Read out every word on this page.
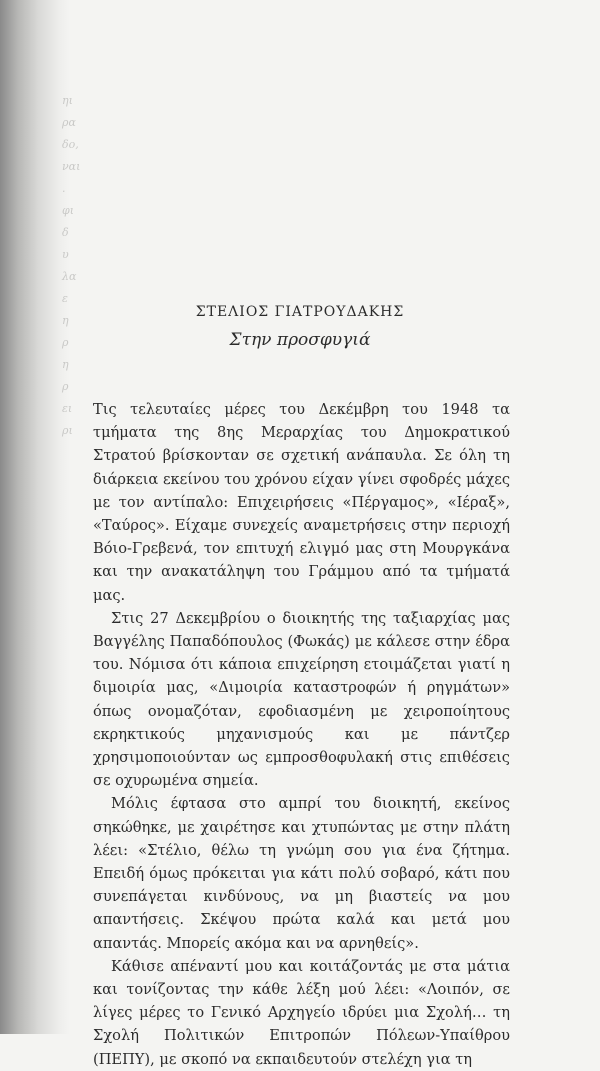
ηι
ρα
δο,
ναι
.
φι
δ
υ
λα
ε
η
ρ
η
ρ
ει
ρι
ΣΤΕΛΙΟΣ ΓΙΑΤΡΟΥΔΑΚΗΣ
Στην προσφυγιά

Τις τελευταίες μέρες του Δεκέμβρη του 1948 τα τμήματα της 8ης Μεραρχίας του Δημοκρατικού Στρατού βρίσκονταν σε σχετική ανάπαυλα. Σε όλη τη διάρκεια εκείνου του χρόνου είχαν γίνει σφοδρές μάχες με τον αντίπαλο: Επιχειρήσεις «Πέργαμος», «Ιέραξ», «Ταύρος». Είχαμε συνεχείς αναμετρήσεις στην περιοχή Βόιο-Γρεβενά, τον επιτυχή ελιγμό μας στη Μουργκάνα και την ανακατάληψη του Γράμμου από τα τμήματά μας.

Στις 27 Δεκεμβρίου ο διοικητής της ταξιαρχίας μας Βαγγέλης Παπαδόπουλος (Φωκάς) με κάλεσε στην έδρα του. Νόμισα ότι κάποια επιχείρηση ετοιμάζεται γιατί η διμοιρία μας, «Διμοιρία καταστροφών ή ρηγμάτων» όπως ονομαζόταν, εφοδιασμένη με χειροποίητους εκρηκτικούς μηχανισμούς και με πάντζερ χρησιμοποιούνταν ως εμπροσθοφυλακή στις επιθέσεις σε οχυρωμένα σημεία.

Μόλις έφτασα στο αμπρί του διοικητή, εκείνος σηκώθηκε, με χαιρέτησε και χτυπώντας με στην πλάτη λέει: «Στέλιο, θέλω τη γνώμη σου για ένα ζήτημα. Επειδή όμως πρόκειται για κάτι πολύ σοβαρό, κάτι που συνεπάγεται κινδύνους, να μη βιαστείς να μου απαντήσεις. Σκέψου πρώτα καλά και μετά μου απαντάς. Μπορείς ακόμα και να αρνηθείς».

Κάθισε απέναντί μου και κοιτάζοντάς με στα μάτια και τονίζοντας την κάθε λέξη μού λέει: «Λοιπόν, σε λίγες μέρες το Γενικό Αρχηγείο ιδρύει μια Σχολή… τη Σχολή Πολιτικών Επιτροπών Πόλεων-Υπαίθρου (ΠΕΠΥ), με σκοπό να εκπαιδευτούν στελέχη για τη
